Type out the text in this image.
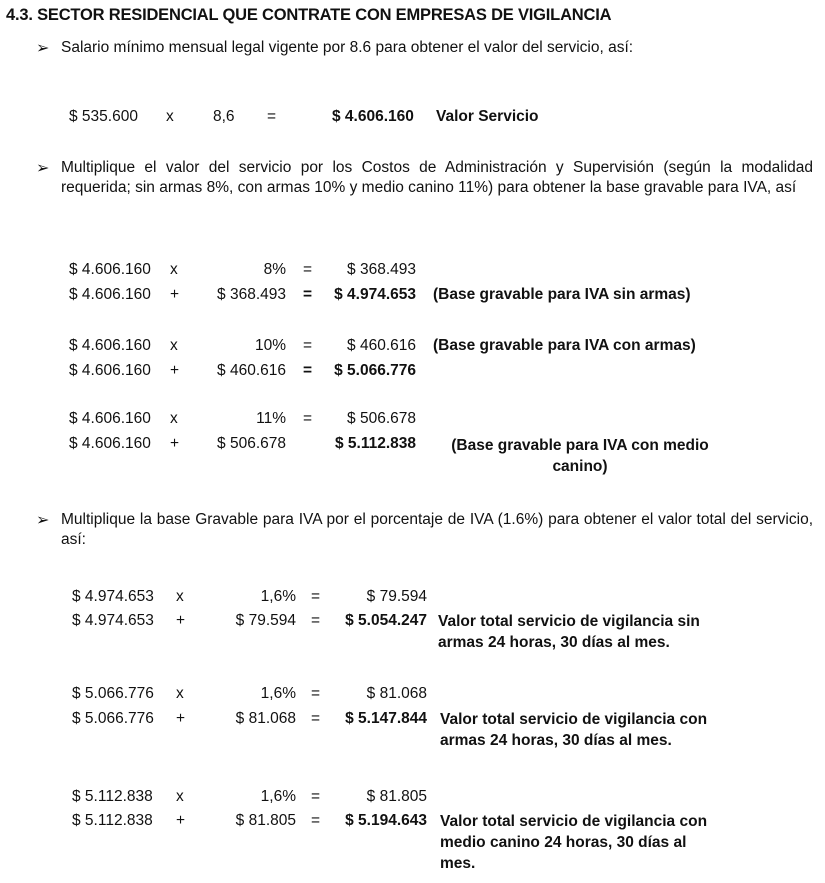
4.3. SECTOR RESIDENCIAL QUE CONTRATE CON EMPRESAS DE VIGILANCIA
➢ Salario mínimo mensual legal vigente por 8.6 para obtener el valor del servicio, así:
$ 535.600 x	8,6 =	$ 4.606.160 Valor Servicio
➢ Multiplique el valor del servicio por los Costos de Administración y Supervisión (según la modalidad requerida; sin armas 8%, con armas 10% y medio canino 11%) para obtener la base gravable para IVA, así
$ 4.606.160 x	8% =	$ 368.493
$ 4.606.160 +	$ 368.493 =	$ 4.974.653 (Base gravable para IVA sin armas)
$ 4.606.160 x	10% =	$ 460.616 (Base gravable para IVA con armas)
$ 4.606.160 +	$ 460.616 =	$ 5.066.776
$ 4.606.160 x	11% =	$ 506.678
$ 4.606.160 +	$ 506.678	$ 5.112.838	(Base gravable para IVA con medio
canino)
➢ Multiplique la base Gravable para IVA por el porcentaje de IVA (1.6%) para obtener el valor total del servicio, así:
$ 4.974.653 x	1,6% =	$ 79.594
$ 4.974.653 +	$ 79.594 =	$ 5.054.247 Valor total servicio de vigilancia sin
armas 24 horas, 30 días al mes.
$ 5.066.776 x	1,6% =	$ 81.068
$ 5.066.776 +	$ 81.068 =	$ 5.147.844 Valor total servicio de vigilancia con
armas 24 horas, 30 días al mes.
$ 5.112.838 x	1,6% =	$ 81.805
$ 5.112.838 +	$ 81.805 =	$ 5.194.643 Valor total servicio de vigilancia con
medio canino 24 horas, 30 días al
mes.
